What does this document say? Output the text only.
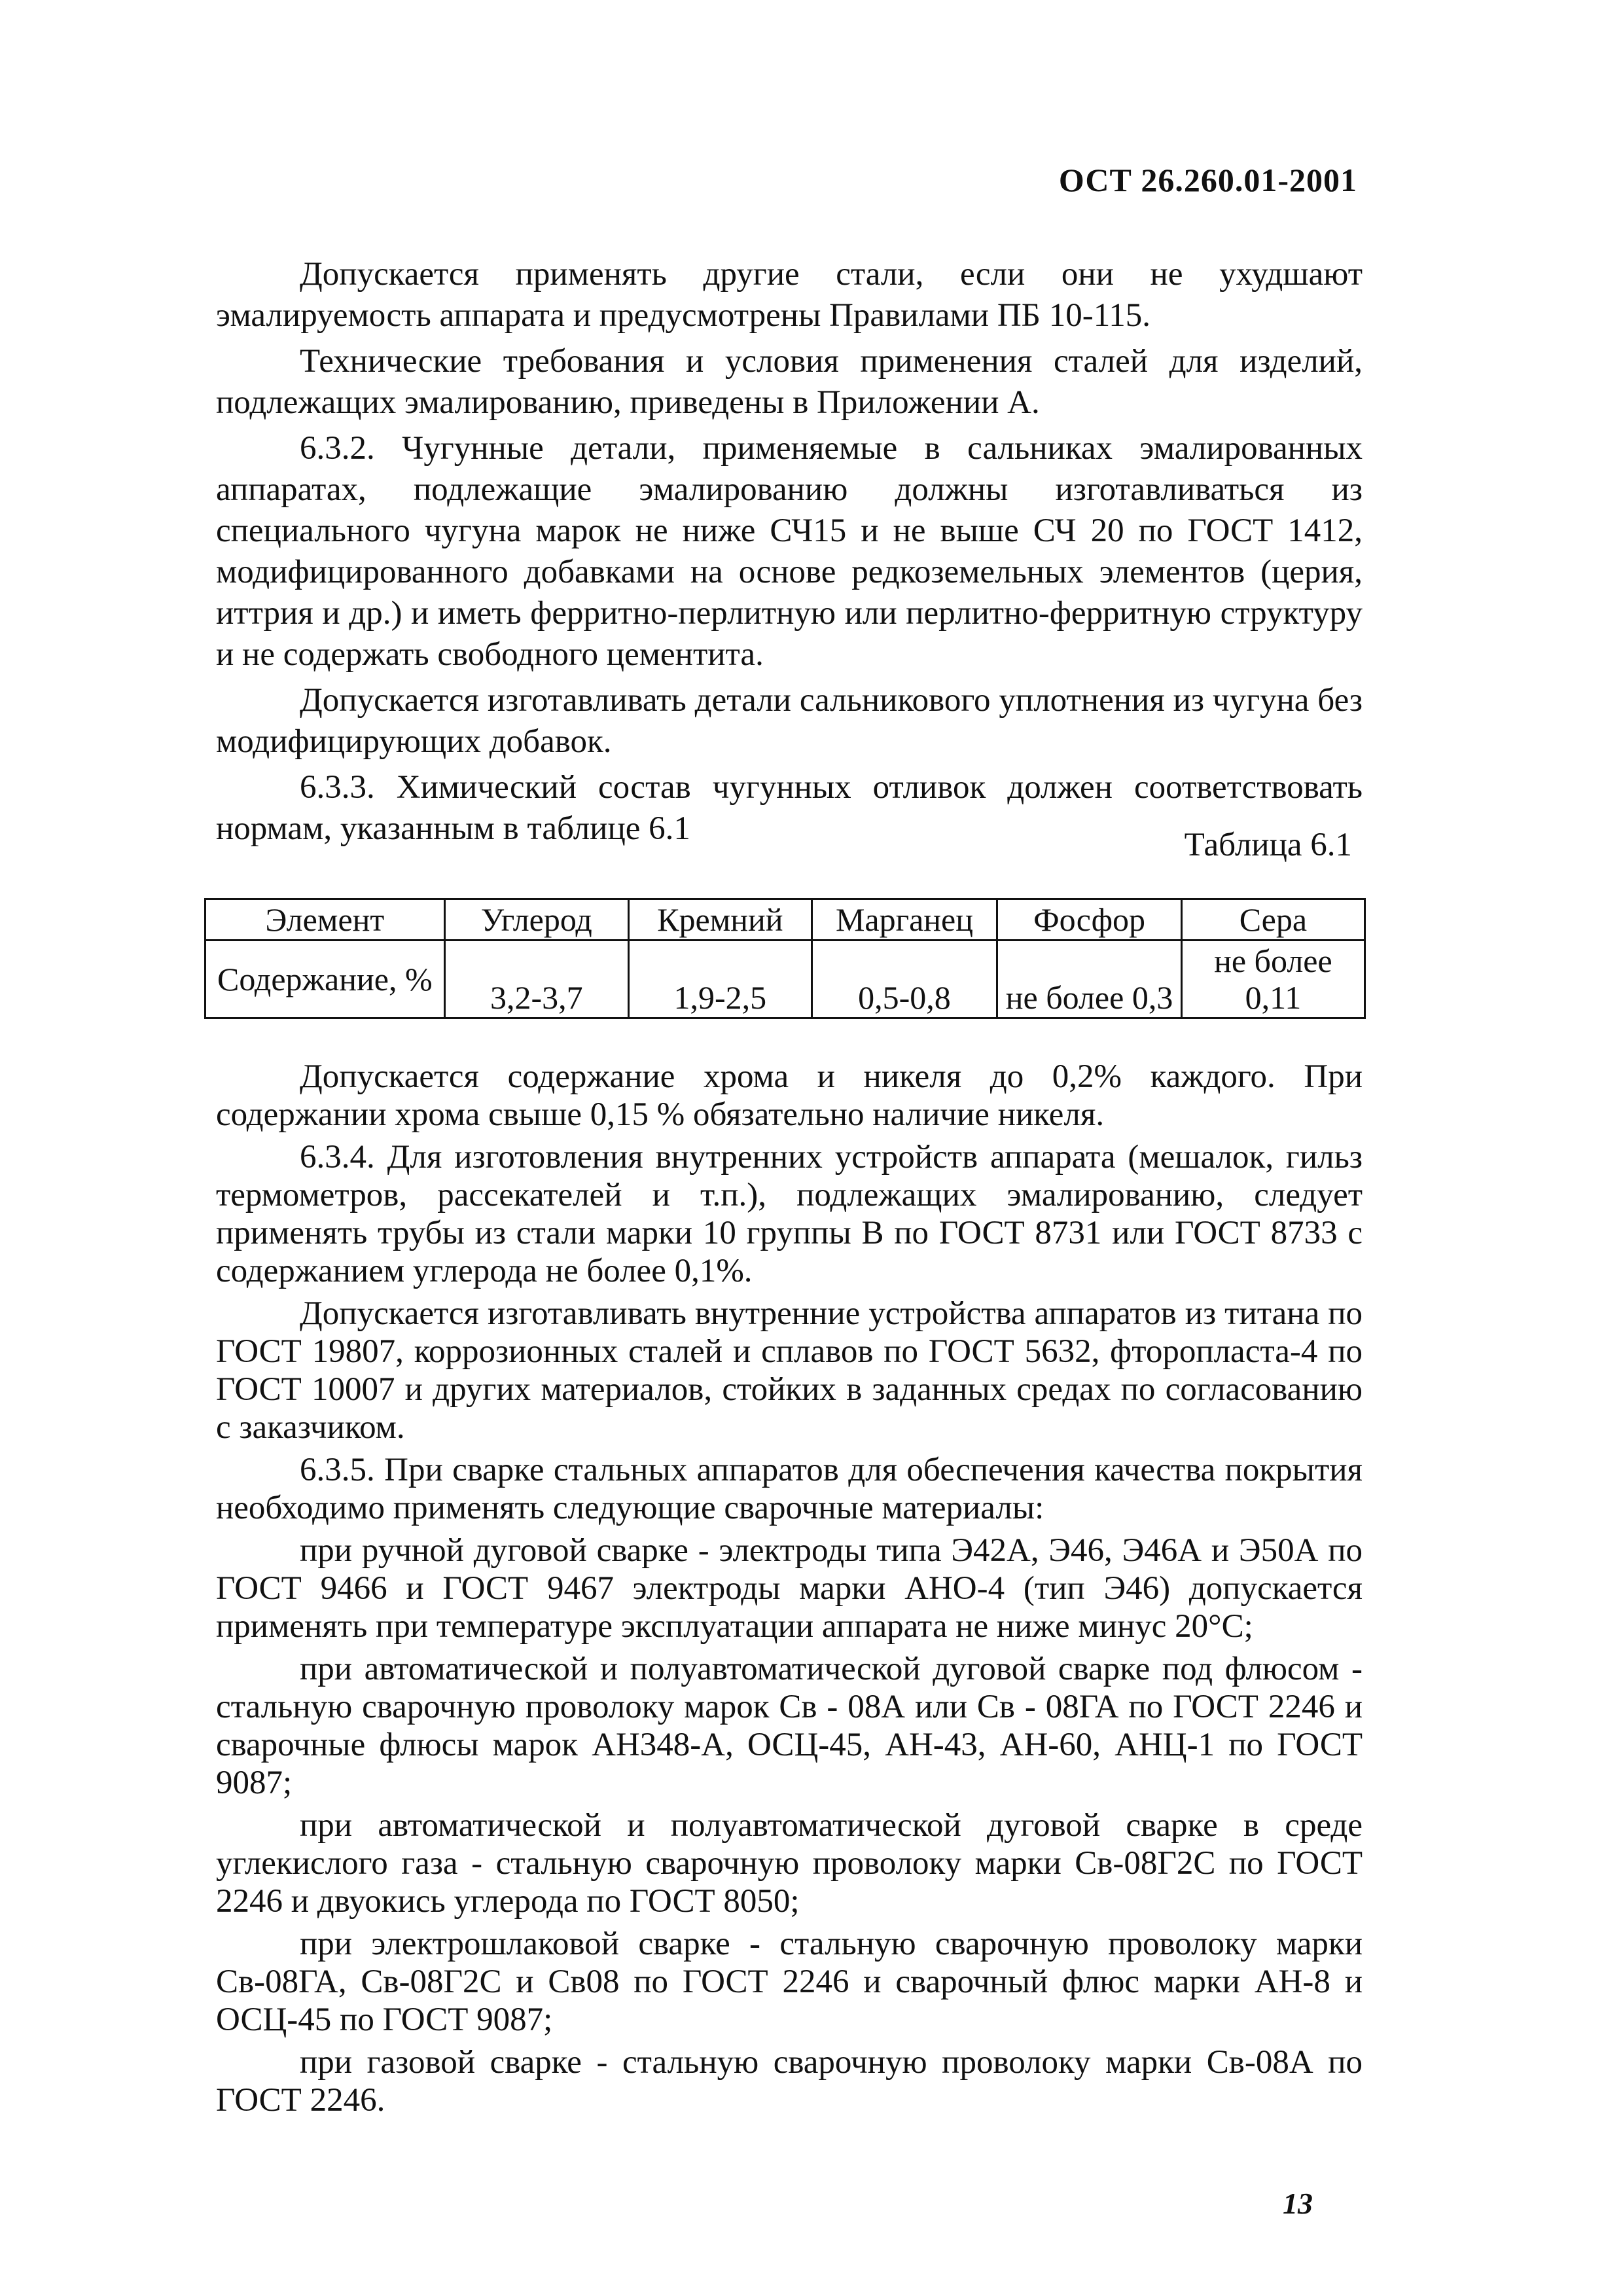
ОСТ 26.260.01-2001

Допускается применять другие стали, если они не ухудшают эмалируемость аппарата и предусмотрены Правилами ПБ 10-115.

Технические требования и условия применения сталей для изделий, подлежащих эмалированию, приведены в Приложении А.

6.3.2. Чугунные детали, применяемые в сальниках эмалированных аппаратах, подлежащие эмалированию должны изготавливаться из специального чугуна марок не ниже СЧ15 и не выше СЧ 20 по ГОСТ 1412, модифицированного добавками на основе редкоземельных элементов (церия, иттрия и др.) и иметь ферритно-перлитную или перлитно-ферритную структуру и не содержать свободного цементита.

Допускается изготавливать детали сальникового уплотнения из чугуна без модифицирующих добавок.

6.3.3. Химический состав чугунных отливок должен соответствовать нормам, указанным в таблице 6.1	Таблица 6.1
Элемент	Углерод	Кремний	Марганец	Фосфор	Сера
Содержание, %	3,2-3,7	1,9-2,5	0,5-0,8	не более 0,3	не более 0,11

Допускается содержание хрома и никеля до 0,2% каждого. При содержании хрома свыше 0,15 % обязательно наличие никеля.

6.3.4. Для изготовления внутренних устройств аппарата (мешалок, гильз термометров, рассекателей и т.п.), подлежащих эмалированию, следует применять трубы из стали марки 10 группы В по ГОСТ 8731 или ГОСТ 8733 с содержанием углерода не более 0,1%.

Допускается изготавливать внутренние устройства аппаратов из титана по ГОСТ 19807, коррозионных сталей и сплавов по ГОСТ 5632, фторопласта-4 по ГОСТ 10007 и других материалов, стойких в заданных средах по согласованию с заказчиком.

6.3.5. При сварке стальных аппаратов для обеспечения качества покрытия необходимо применять следующие сварочные материалы:

при ручной дуговой сварке - электроды типа Э42А, Э46, Э46А и Э50А по ГОСТ 9466 и ГОСТ 9467 электроды марки АНО-4 (тип Э46) допускается применять при температуре эксплуатации аппарата не ниже минус 20°С;

при автоматической и полуавтоматической дуговой сварке под флюсом - стальную сварочную проволоку марок Св - 08А или Св - 08ГА по ГОСТ 2246 и сварочные флюсы марок АН348-А, ОСЦ-45, АН-43, АН-60, АНЦ-1 по ГОСТ 9087;

при автоматической и полуавтоматической дуговой сварке в среде углекислого газа - стальную сварочную проволоку марки Св-08Г2С по ГОСТ 2246 и двуокись углерода по ГОСТ 8050;

при электрошлаковой сварке - стальную сварочную проволоку марки Св-08ГА, Св-08Г2С и Св08 по ГОСТ 2246 и сварочный флюс марки АН-8 и ОСЦ-45 по ГОСТ 9087;

при газовой сварке - стальную сварочную проволоку марки Св-08А по ГОСТ 2246.

13
